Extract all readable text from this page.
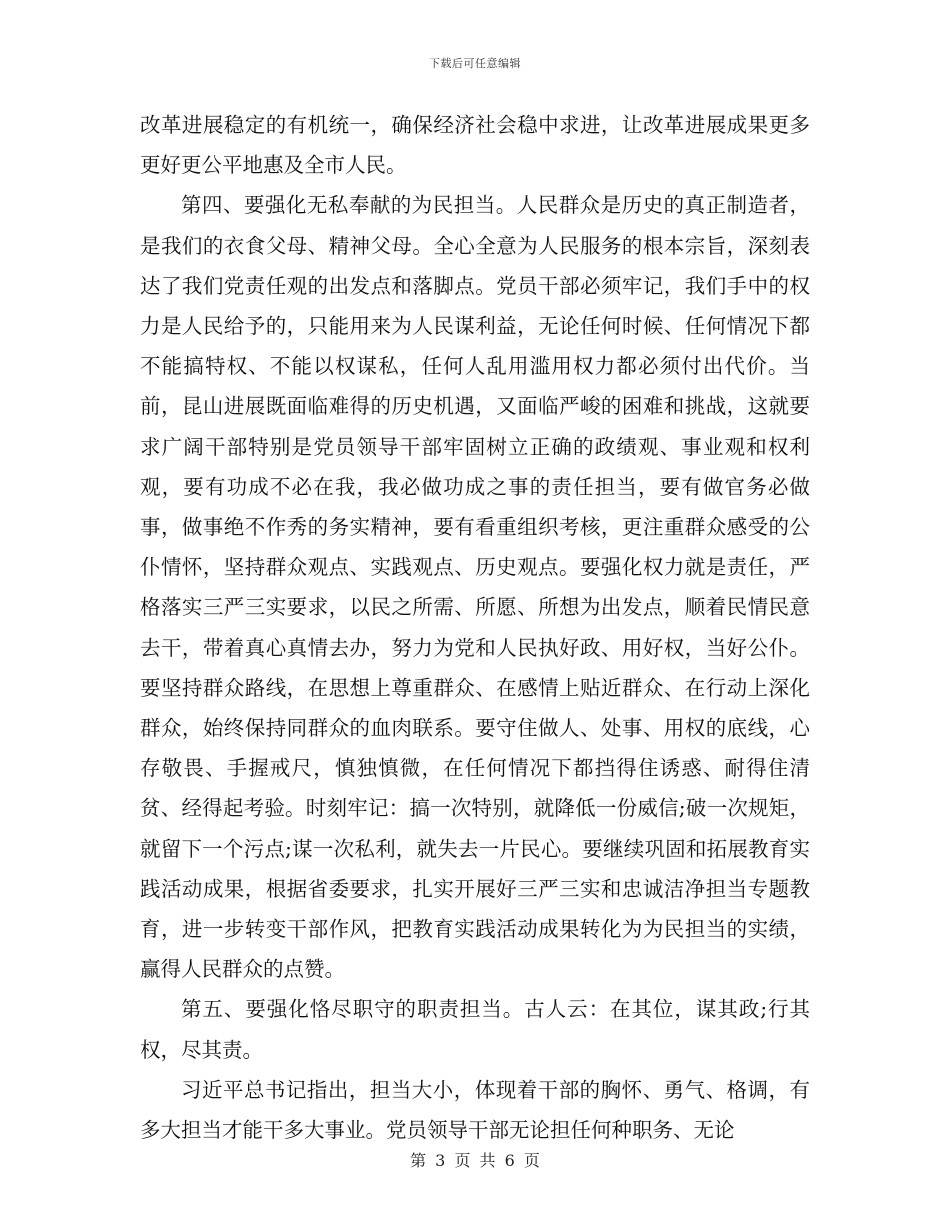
下载后可任意编辑

改革进展稳定的有机统一，确保经济社会稳中求进，让改革进展成果更多更好更公平地惠及全市人民。

第四、要强化无私奉献的为民担当。人民群众是历史的真正制造者，是我们的衣食父母、精神父母。全心全意为人民服务的根本宗旨，深刻表达了我们党责任观的出发点和落脚点。党员干部必须牢记，我们手中的权力是人民给予的，只能用来为人民谋利益，无论任何时候、任何情况下都不能搞特权、不能以权谋私，任何人乱用滥用权力都必须付出代价。当前，昆山进展既面临难得的历史机遇，又面临严峻的困难和挑战，这就要求广阔干部特别是党员领导干部牢固树立正确的政绩观、事业观和权利观，要有功成不必在我，我必做功成之事的责任担当，要有做官务必做事，做事绝不作秀的务实精神，要有看重组织考核，更注重群众感受的公仆情怀，坚持群众观点、实践观点、历史观点。要强化权力就是责任，严格落实三严三实要求，以民之所需、所愿、所想为出发点，顺着民情民意去干，带着真心真情去办，努力为党和人民执好政、用好权，当好公仆。要坚持群众路线，在思想上尊重群众、在感情上贴近群众、在行动上深化群众，始终保持同群众的血肉联系。要守住做人、处事、用权的底线，心存敬畏、手握戒尺，慎独慎微，在任何情况下都挡得住诱惑、耐得住清贫、经得起考验。时刻牢记：搞一次特别，就降低一份威信;破一次规矩，就留下一个污点;谋一次私利，就失去一片民心。要继续巩固和拓展教育实践活动成果，根据省委要求，扎实开展好三严三实和忠诚洁净担当专题教育，进一步转变干部作风，把教育实践活动成果转化为为民担当的实绩，赢得人民群众的点赞。

第五、要强化恪尽职守的职责担当。古人云：在其位，谋其政;行其权，尽其责。

习近平总书记指出，担当大小，体现着干部的胸怀、勇气、格调，有多大担当才能干多大事业。党员领导干部无论担任何种职务、无论

第 3 页 共 6 页
